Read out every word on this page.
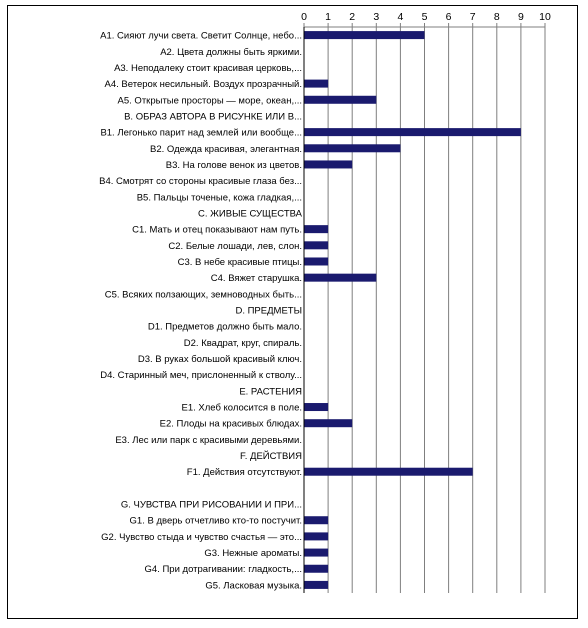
0 1 2 3 4 5 6 7 8 9 10
A1. Сияют лучи света. Светит Солнце, небо...
A2. Цвета должны быть яркими.
A3. Неподалеку стоит красивая церковь,...
A4. Ветерок несильный. Воздух прозрачный.
A5. Открытые просторы — море, океан,...
B. ОБРАЗ АВТОРА В РИСУНКЕ ИЛИ В...
B1. Легонько парит над землей или вообще...
B2. Одежда красивая, элегантная.
B3. На голове венок из цветов.
B4. Смотрят со стороны красивые глаза без...
B5. Пальцы точеные, кожа гладкая,...
C. ЖИВЫЕ СУЩЕСТВА
C1. Мать и отец показывают нам путь.
C2. Белые лошади, лев, слон.
C3. В небе красивые птицы.
C4. Вяжет старушка.
C5. Всяких ползающих, земноводных быть...
D. ПРЕДМЕТЫ
D1. Предметов должно быть мало.
D2. Квадрат, круг, спираль.
D3. В руках большой красивый ключ.
D4. Старинный меч, прислоненный к стволу...
E. РАСТЕНИЯ
E1. Хлеб колосится в поле.
E2. Плоды на красивых блюдах.
E3. Лес или парк с красивыми деревьями.
F. ДЕЙСТВИЯ
F1. Действия отсутствуют.
G. ЧУВСТВА ПРИ РИСОВАНИИ И ПРИ...
G1. В дверь отчетливо кто-то постучит.
G2. Чувство стыда и чувство счастья — это...
G3. Нежные ароматы.
G4. При дотрагивании: гладкость,...
G5. Ласковая музыка.
